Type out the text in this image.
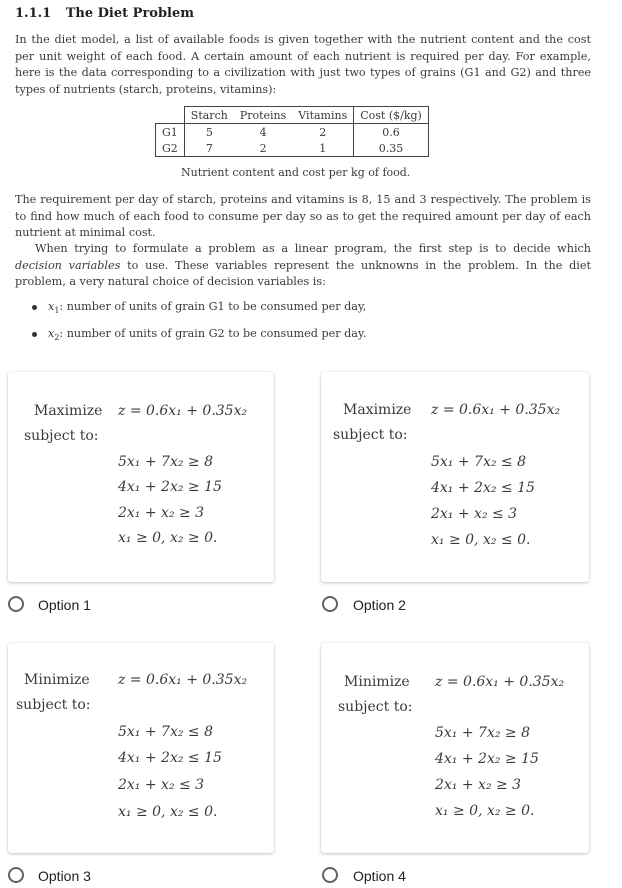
1.1.1 The Diet Problem
In the diet model, a list of available foods is given together with the nutrient content and the cost per unit weight of each food. A certain amount of each nutrient is required per day. For example, here is the data corresponding to a civilization with just two types of grains (G1 and G2) and three types of nutrients (starch, proteins, vitamins):
	Starch	Proteins	Vitamins	Cost ($/kg)
G1	5	4	2	0.6
G2	7	2	1	0.35
Nutrient content and cost per kg of food.
The requirement per day of starch, proteins and vitamins is 8, 15 and 3 respectively. The problem is to find how much of each food to consume per day so as to get the required amount per day of each nutrient at minimal cost.
When trying to formulate a problem as a linear program, the first step is to decide which decision variables to use. These variables represent the unknowns in the problem. In the diet problem, a very natural choice of decision variables is:
$x_1$: number of units of grain G1 to be consumed per day,
$x_2$: number of units of grain G2 to be consumed per day.
Maximize z = 0.6x₁ + 0.35x₂
subject to:
5x₁ + 7x₂ ≥ 8
4x₁ + 2x₂ ≥ 15
2x₁ + x₂ ≥ 3
x₁ ≥ 0, x₂ ≥ 0.
Option 1
Maximize z = 0.6x₁ + 0.35x₂
subject to:
5x₁ + 7x₂ ≤ 8
4x₁ + 2x₂ ≤ 15
2x₁ + x₂ ≤ 3
x₁ ≥ 0, x₂ ≤ 0.
Option 2
Minimize z = 0.6x₁ + 0.35x₂
subject to:
5x₁ + 7x₂ ≤ 8
4x₁ + 2x₂ ≤ 15
2x₁ + x₂ ≤ 3
x₁ ≥ 0, x₂ ≤ 0.
Option 3
Minimize z = 0.6x₁ + 0.35x₂
subject to:
5x₁ + 7x₂ ≥ 8
4x₁ + 2x₂ ≥ 15
2x₁ + x₂ ≥ 3
x₁ ≥ 0, x₂ ≥ 0.
Option 4
